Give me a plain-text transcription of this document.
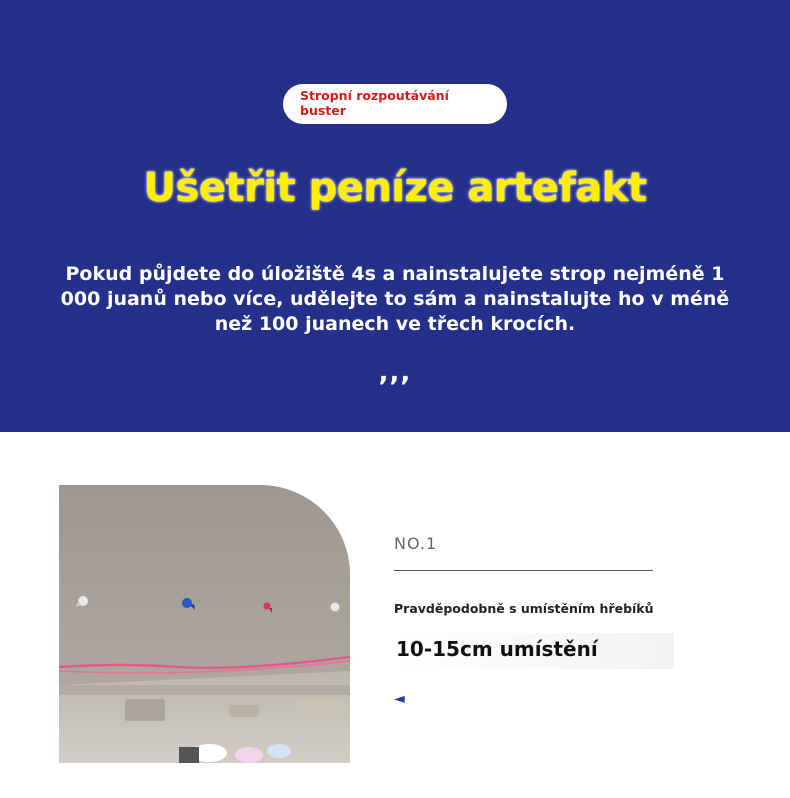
Stropní rozpoutávání buster
Ušetřit peníze artefakt
Pokud půjdete do úložiště 4s a nainstalujete strop nejméně 1 000 juanů nebo více, udělejte to sám a nainstalujte ho v méně než 100 juanech ve třech krocích.
,,,
NO.1
Pravděpodobně s umístěním hřebíků
10-15cm umístění
◄
